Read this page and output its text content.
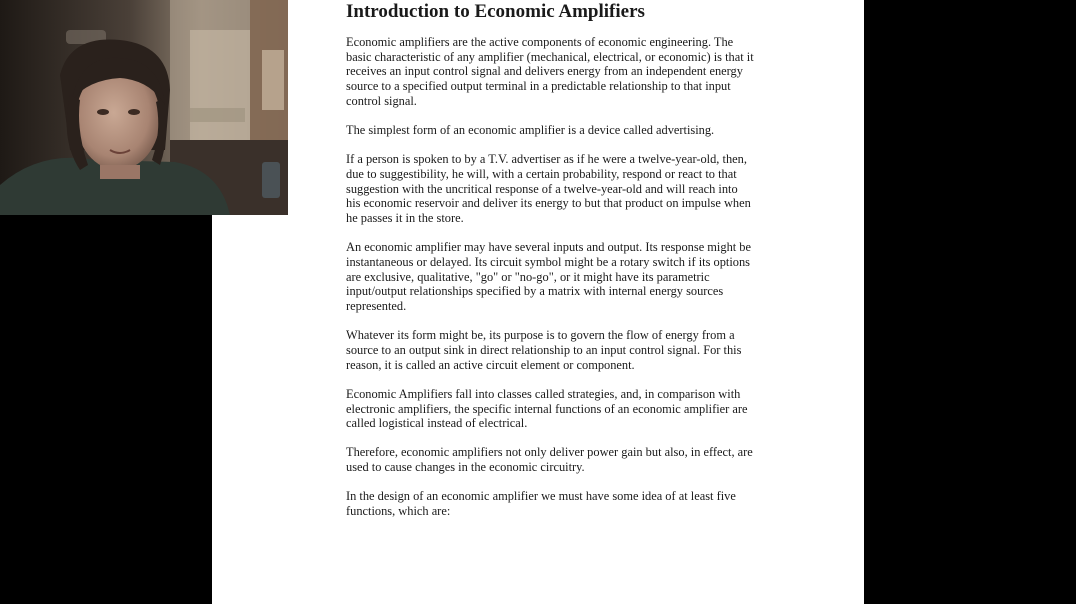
Introduction to Economic Amplifiers

Economic amplifiers are the active components of economic engineering. The
basic characteristic of any amplifier (mechanical, electrical, or economic) is that it
receives an input control signal and delivers energy from an independent energy
source to a specified output terminal in a predictable relationship to that input
control signal.

The simplest form of an economic amplifier is a device called advertising.

If a person is spoken to by a T.V. advertiser as if he were a twelve-year-old, then,
due to suggestibility, he will, with a certain probability, respond or react to that
suggestion with the uncritical response of a twelve-year-old and will reach into
his economic reservoir and deliver its energy to but that product on impulse when
he passes it in the store.

An economic amplifier may have several inputs and output. Its response might be
instantaneous or delayed. Its circuit symbol might be a rotary switch if its options
are exclusive, qualitative, "go" or "no-go", or it might have its parametric
input/output relationships specified by a matrix with internal energy sources
represented.

Whatever its form might be, its purpose is to govern the flow of energy from a
source to an output sink in direct relationship to an input control signal. For this
reason, it is called an active circuit element or component.

Economic Amplifiers fall into classes called strategies, and, in comparison with
electronic amplifiers, the specific internal functions of an economic amplifier are
called logistical instead of electrical.

Therefore, economic amplifiers not only deliver power gain but also, in effect, are
used to cause changes in the economic circuitry.

In the design of an economic amplifier we must have some idea of at least five
functions, which are:
